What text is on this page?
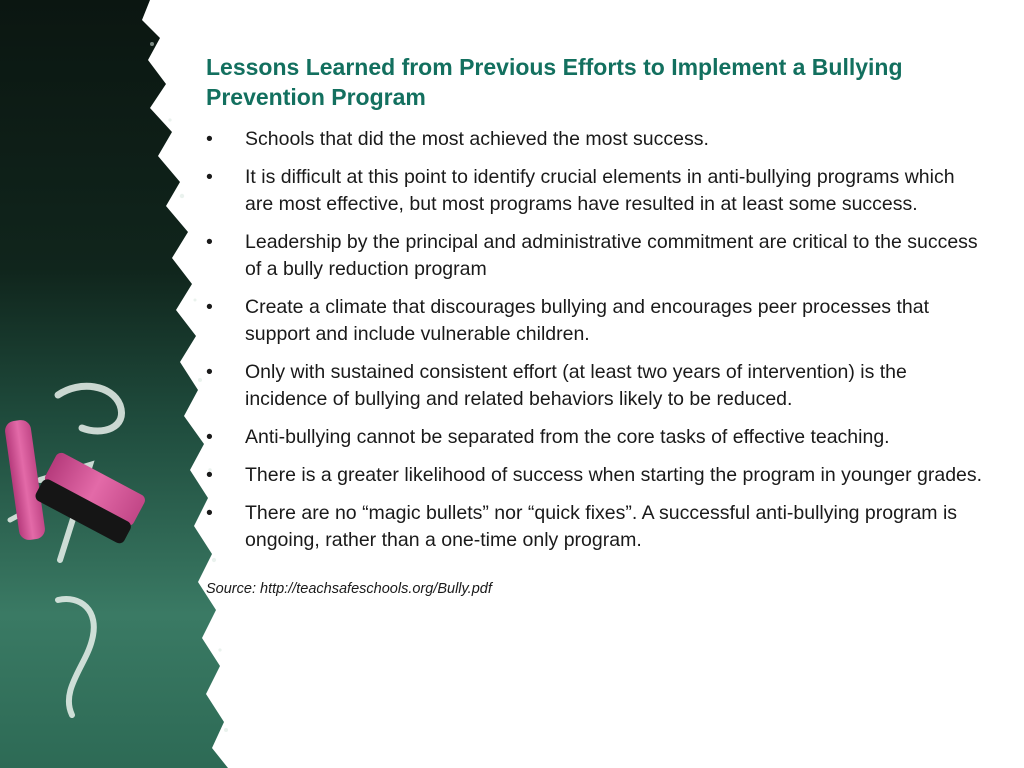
Lessons Learned from Previous Efforts to Implement a Bullying Prevention Program
• Schools that did the most achieved the most success.
• It is difficult at this point to identify crucial elements in anti-bullying programs which are most effective, but most programs have resulted in at least some success.
• Leadership by the principal and administrative commitment are critical to the success of a bully reduction program
• Create a climate that discourages bullying and encourages peer processes that support and include vulnerable children.
• Only with sustained consistent effort (at least two years of intervention) is the incidence of bullying and related behaviors likely to be reduced.
• Anti-bullying cannot be separated from the core tasks of effective teaching.
• There is a greater likelihood of success when starting the program in younger grades.
• There are no “magic bullets” nor “quick fixes”. A successful anti-bullying program is ongoing, rather than a one-time only program.
Source: http://teachsafeschools.org/Bully.pdf
